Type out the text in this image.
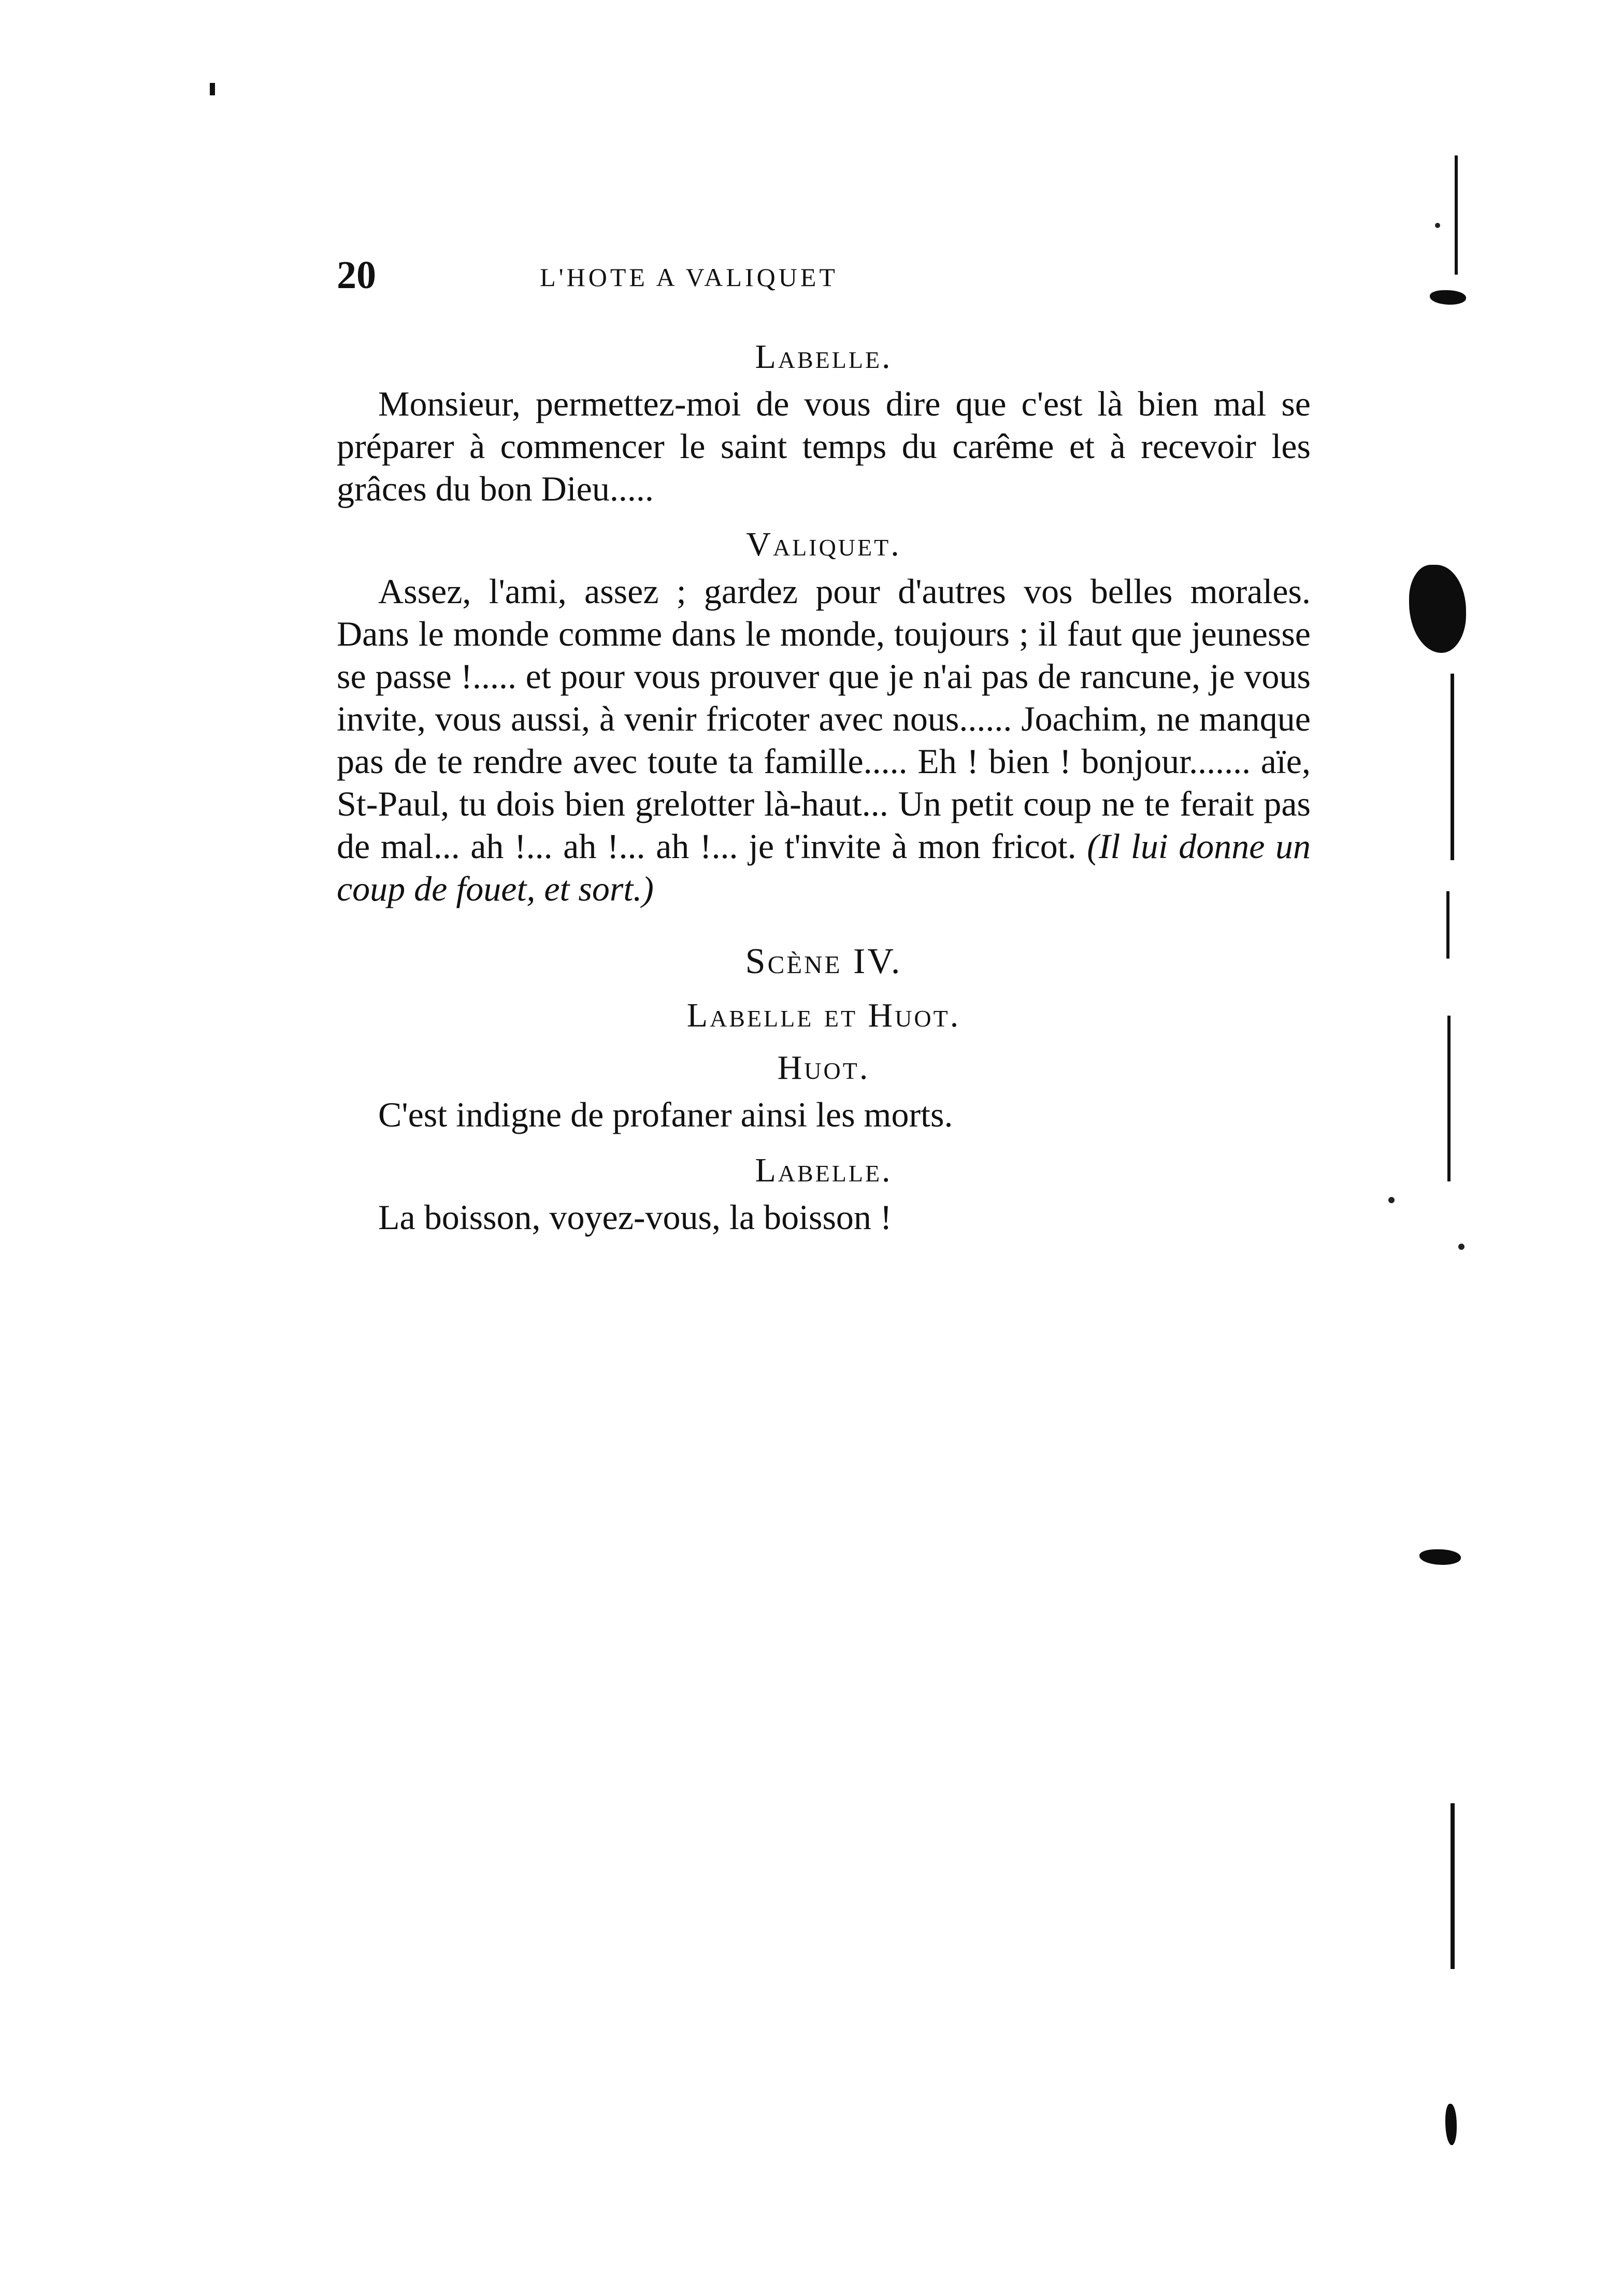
20	L'HOTE A VALIQUET

Labelle.

Monsieur, permettez-moi de vous dire que c'est là bien mal se préparer à commencer le saint temps du carême et à recevoir les grâces du bon Dieu.....

Valiquet.

Assez, l'ami, assez ; gardez pour d'autres vos belles morales. Dans le monde comme dans le monde, toujours ; il faut que jeunesse se passe !..... et pour vous prouver que je n'ai pas de rancune, je vous invite, vous aussi, à venir fricoter avec nous...... Joachim, ne manque pas de te rendre avec toute ta famille..... Eh ! bien ! bonjour....... aïe, St-Paul, tu dois bien grelotter là-haut... Un petit coup ne te ferait pas de mal... ah !... ah !... ah !... je t'invite à mon fricot. (Il lui donne un coup de fouet, et sort.)

Scène IV.

Labelle et Huot.

Huot.

C'est indigne de profaner ainsi les morts.

Labelle.

La boisson, voyez-vous, la boisson !
